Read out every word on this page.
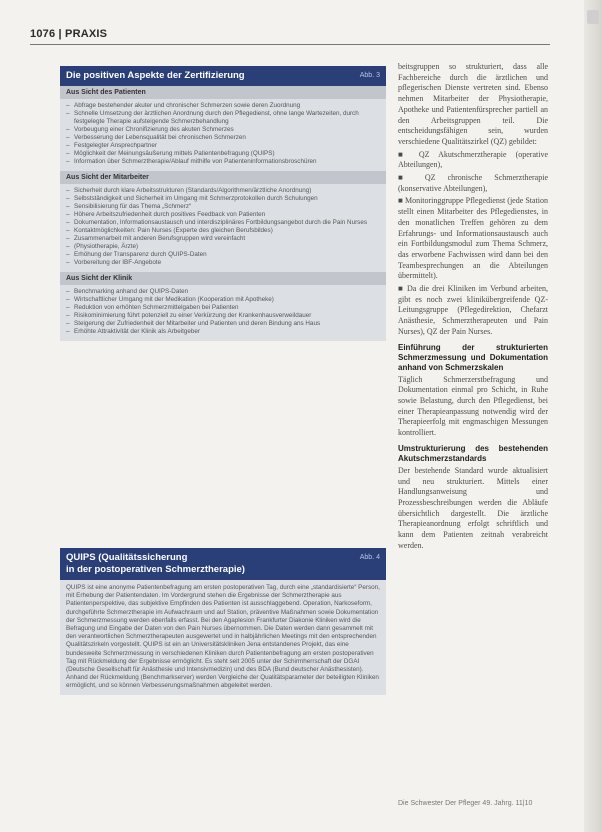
1076 | PRAXIS
Die positiven Aspekte der Zertifizierung	Abb. 3
Aus Sicht des Patienten
– Abfrage bestehender akuter und chronischer Schmerzen sowie deren Zuordnung
– Schnelle Umsetzung der ärztlichen Anordnung durch den Pflegedienst, ohne lange Wartezeiten, durch festgelegte Therapie aufsteigende Schmerzbehandlung
– Vorbeugung einer Chronifizierung des akuten Schmerzes
– Verbesserung der Lebensqualität bei chronischen Schmerzen
– Festgelegter Ansprechpartner
– Möglichkeit der Meinungsäußerung mittels Patientenbefragung (QUIPS)
– Information über Schmerztherapie/Ablauf mithilfe von Patienteninformationsbroschüren
Aus Sicht der Mitarbeiter
– Sicherheit durch klare Arbeitsstrukturen (Standards/Algorithmen/ärztliche Anordnung)
– Selbstständigkeit und Sicherheit im Umgang mit Schmerzprotokollen durch Schulungen
– Sensibilisierung für das Thema „Schmerz“
– Höhere Arbeitszufriedenheit durch positives Feedback von Patienten
– Dokumentation, Informationsaustausch und interdisziplinäres Fortbildungsangebot durch die Pain Nurses
– Kontaktmöglichkeiten: Pain Nurses (Experte des gleichen Berufsbildes)
– Zusammenarbeit mit anderen Berufsgruppen wird vereinfacht
– (Physiotherapie, Ärzte)
– Erhöhung der Transparenz durch QUIPS-Daten
– Vorbereitung der IBF-Angebote
Aus Sicht der Klinik
– Benchmarking anhand der QUIPS-Daten
– Wirtschaftlicher Umgang mit der Medikation (Kooperation mit Apotheke)
– Reduktion von erhöhten Schmerzmittelgaben bei Patienten
– Risikominimierung führt potenziell zu einer Verkürzung der Krankenhausverweildauer
– Steigerung der Zufriedenheit der Mitarbeiter und Patienten und deren Bindung ans Haus
– Erhöhte Attraktivität der Klinik als Arbeitgeber
QUIPS (Qualitätssicherung
in der postoperativen Schmerztherapie)
Abb. 4
QUIPS ist eine anonyme Patientenbefragung am ersten postoperativen Tag, durch eine „standardisierte“ Person, mit Erhebung der Patientendaten. Im Vordergrund stehen die Ergebnisse der Schmerztherapie aus Patientenperspektive, das subjektive Empfinden des Patienten ist ausschlaggebend. Operation, Narkoseform, durchgeführte Schmerztherapie im Aufwachraum und auf Station, präventive Maßnahmen sowie Dokumentation der Schmerzmessung werden ebenfalls erfasst. Bei den Agaplesion Frankfurter Diakonie Kliniken wird die Befragung und Eingabe der Daten von den Pain Nurses übernommen. Die Daten werden dann gesammelt mit den verantwortlichen Schmerztherapeuten ausgewertet und in halbjährlichen Meetings mit den entsprechenden Qualitätszirkeln vorgestellt. QUIPS ist ein an Universitätskliniken Jena entstandenes Projekt, das eine bundesweite Schmerzmessung in verschiedenen Kliniken durch Patientenbefragung am ersten postoperativen Tag mit Rückmeldung der Ergebnisse ermöglicht. Es steht seit 2005 unter der Schirmherrschaft der DGAI (Deutsche Gesellschaft für Anästhesie und Intensivmedizin) und des BDA (Bund deutscher Anästhesisten). Anhand der Rückmeldung (Benchmarkserver) werden Vergleiche der Qualitätsparameter der beteiligten Kliniken ermöglicht, und so können Verbesserungsmaßnahmen abgeleitet werden.

beitsgruppen so strukturiert, dass alle Fachbereiche durch die ärztlichen und pflegerischen Dienste vertreten sind. Ebenso nehmen Mitarbeiter der Physiotherapie, Apotheke und Patientenfürsprecher partiell an den Arbeitsgruppen teil. Die entscheidungsfähigen sein, wurden verschiedene Qualitätszirkel (QZ) gebildet:

■ QZ Akutschmerztherapie (operative Abteilungen),

■ QZ chronische Schmerztherapie (konservative Abteilungen),

■ Monitoringgruppe Pflegedienst (jede Station stellt einen Mitarbeiter des Pflegedienstes, in den monatlichen Treffen gehören zu dem Erfahrungs- und Informationsaustausch auch ein Fortbildungsmodul zum Thema Schmerz, das erworbene Fachwissen wird dann bei den Teambesprechungen an die Abteilungen übermittelt).

■ Da die drei Kliniken im Verbund arbeiten, gibt es noch zwei klinikübergreifende QZ-Leitungsgruppe (Pflegedirektion, Chefarzt Anästhesie, Schmerztherapeuten und Pain Nurses), QZ der Pain Nurses.

Einführung der strukturierten Schmerzmessung und Dokumentation anhand von Schmerzskalen

Täglich Schmerzerstbefragung und Dokumentation einmal pro Schicht, in Ruhe sowie Belastung, durch den Pflegedienst, bei einer Therapieanpassung notwendig wird der Therapieerfolg mit engmaschigen Messungen kontrolliert.

Umstrukturierung des bestehenden Akutschmerzstandards

Der bestehende Standard wurde aktualisiert und neu strukturiert. Mittels einer Handlungsanweisung und Prozessbeschreibungen werden die Abläufe übersichtlich dargestellt. Die ärztliche Therapieanordnung erfolgt schriftlich und kann dem Patienten zeitnah verabreicht werden.

Die Schwester Der Pfleger 49. Jahrg. 11|10
